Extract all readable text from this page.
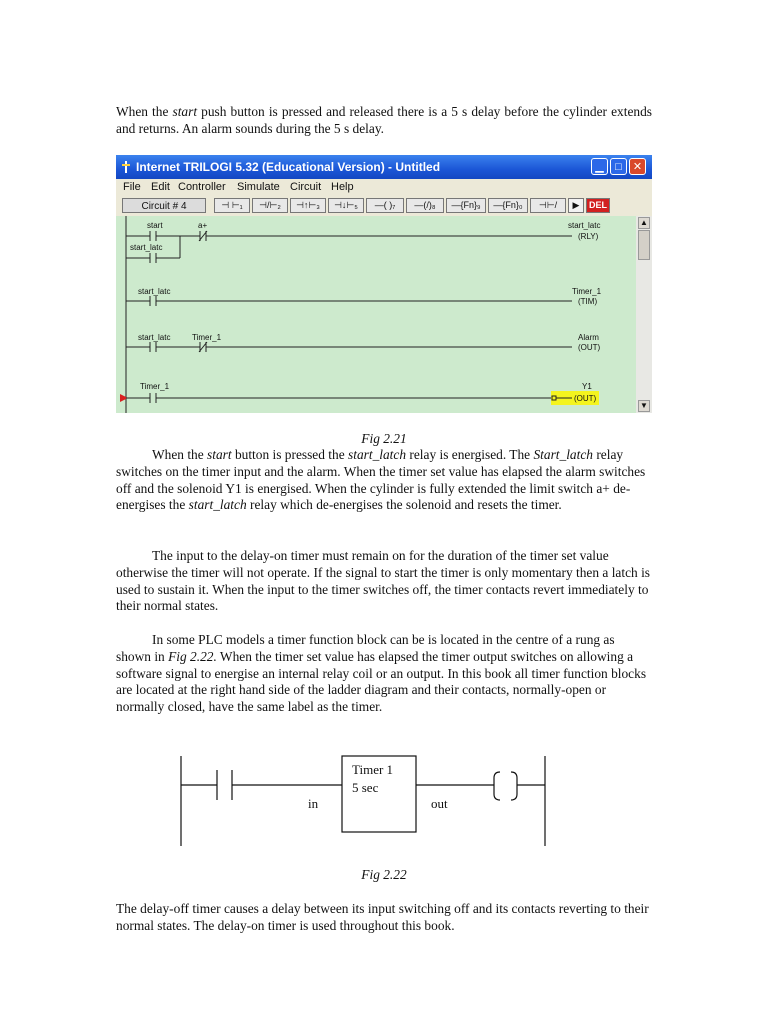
When the start push button is pressed and released there is a 5 s delay before the cylinder extends and returns. An alarm sounds during the 5 s delay.
Internet TRILOGI 5.32 (Educational Version) - Untitled	▁	□	✕
File Edit Controller Simulate Circuit Help
Circuit # 4	⊣ ⊢₁	⊣/⊢₂	⊣↑⊢₃	⊣↓⊢₅	—( )₇	—(/)₈	—{Fn}₉	—{Fn}₀	⊣⊢/	▶	DEL
(RLY)
start	a+	start_latc
start_latc
start_latc	Timer_1
(TIM)
start_latc	Timer_1	Alarm
(OUT)
Timer_1	Y1
(OUT)
▲
▼
Fig 2.21
When the start button is pressed the start_latch relay is energised. The Start_latch relay switches on the timer input and the alarm. When the timer set value has elapsed the alarm switches off and the solenoid Y1 is energised. When the cylinder is fully extended the limit switch a+ de-energises the start_latch relay which de-energises the solenoid and resets the timer.
The input to the delay-on timer must remain on for the duration of the timer set value otherwise the timer will not operate. If the signal to start the timer is only momentary then a latch is used to sustain it. When the input to the timer switches off, the timer contacts revert immediately to their normal states.
In some PLC models a timer function block can be is located in the centre of a rung as shown in Fig 2.22. When the timer set value has elapsed the timer output switches on allowing a software signal to energise an internal relay coil or an output. In this book all timer function blocks are located at the right hand side of the ladder diagram and their contacts, normally-open or normally closed, have the same label as the timer.
Timer 1
5 sec
in	out
Fig 2.22
The delay-off timer causes a delay between its input switching off and its contacts reverting to their normal states. The delay-on timer is used throughout this book.
